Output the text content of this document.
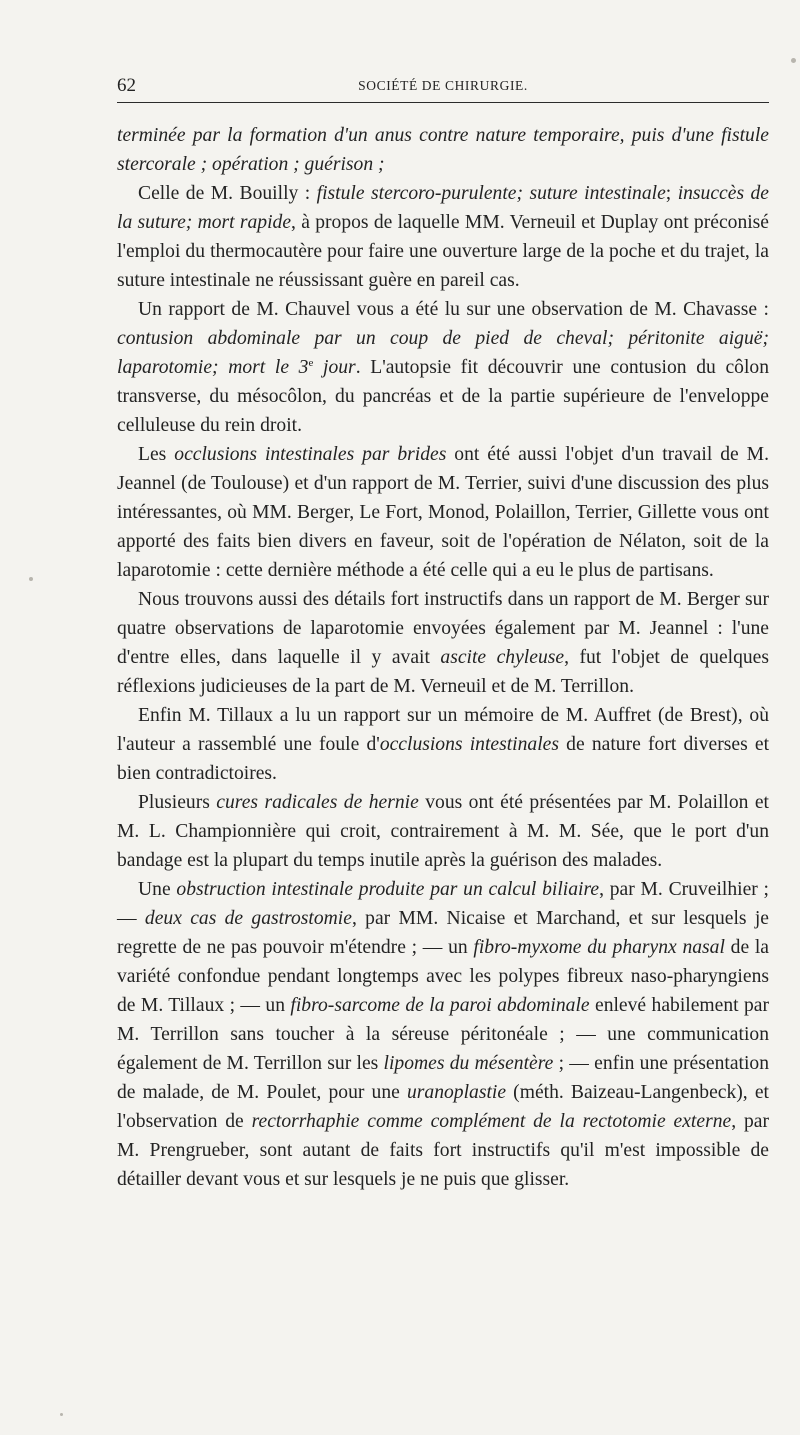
62	SOCIÉTÉ DE CHIRURGIE.

terminée par la formation d'un anus contre nature temporaire, puis d'une fistule stercorale ; opération ; guérison ;

Celle de M. Bouilly : fistule stercoro-purulente; suture intestinale; insuccès de la suture; mort rapide, à propos de laquelle MM. Verneuil et Duplay ont préconisé l'emploi du thermocautère pour faire une ouverture large de la poche et du trajet, la suture intestinale ne réussissant guère en pareil cas.

Un rapport de M. Chauvel vous a été lu sur une observation de M. Chavasse : contusion abdominale par un coup de pied de cheval; péritonite aiguë; laparotomie; mort le 3e jour. L'autopsie fit découvrir une contusion du côlon transverse, du mésocôlon, du pancréas et de la partie supérieure de l'enveloppe celluleuse du rein droit.

Les occlusions intestinales par brides ont été aussi l'objet d'un travail de M. Jeannel (de Toulouse) et d'un rapport de M. Terrier, suivi d'une discussion des plus intéressantes, où MM. Berger, Le Fort, Monod, Polaillon, Terrier, Gillette vous ont apporté des faits bien divers en faveur, soit de l'opération de Nélaton, soit de la laparotomie : cette dernière méthode a été celle qui a eu le plus de partisans.

Nous trouvons aussi des détails fort instructifs dans un rapport de M. Berger sur quatre observations de laparotomie envoyées également par M. Jeannel : l'une d'entre elles, dans laquelle il y avait ascite chyleuse, fut l'objet de quelques réflexions judicieuses de la part de M. Verneuil et de M. Terrillon.

Enfin M. Tillaux a lu un rapport sur un mémoire de M. Auffret (de Brest), où l'auteur a rassemblé une foule d'occlusions intestinales de nature fort diverses et bien contradictoires.

Plusieurs cures radicales de hernie vous ont été présentées par M. Polaillon et M. L. Championnière qui croit, contrairement à M. M. Sée, que le port d'un bandage est la plupart du temps inutile après la guérison des malades.

Une obstruction intestinale produite par un calcul biliaire, par M. Cruveilhier ; — deux cas de gastrostomie, par MM. Nicaise et Marchand, et sur lesquels je regrette de ne pas pouvoir m'étendre ; — un fibro-myxome du pharynx nasal de la variété confondue pendant longtemps avec les polypes fibreux naso-pharyngiens de M. Tillaux ; — un fibro-sarcome de la paroi abdominale enlevé habilement par M. Terrillon sans toucher à la séreuse péritonéale ; — une communication également de M. Terrillon sur les lipomes du mésentère ; — enfin une présentation de malade, de M. Poulet, pour une uranoplastie (méth. Baizeau-Langenbeck), et l'observation de rectorrhaphie comme complément de la rectotomie externe, par M. Prengrueber, sont autant de faits fort instructifs qu'il m'est impossible de détailler devant vous et sur lesquels je ne puis que glisser.
